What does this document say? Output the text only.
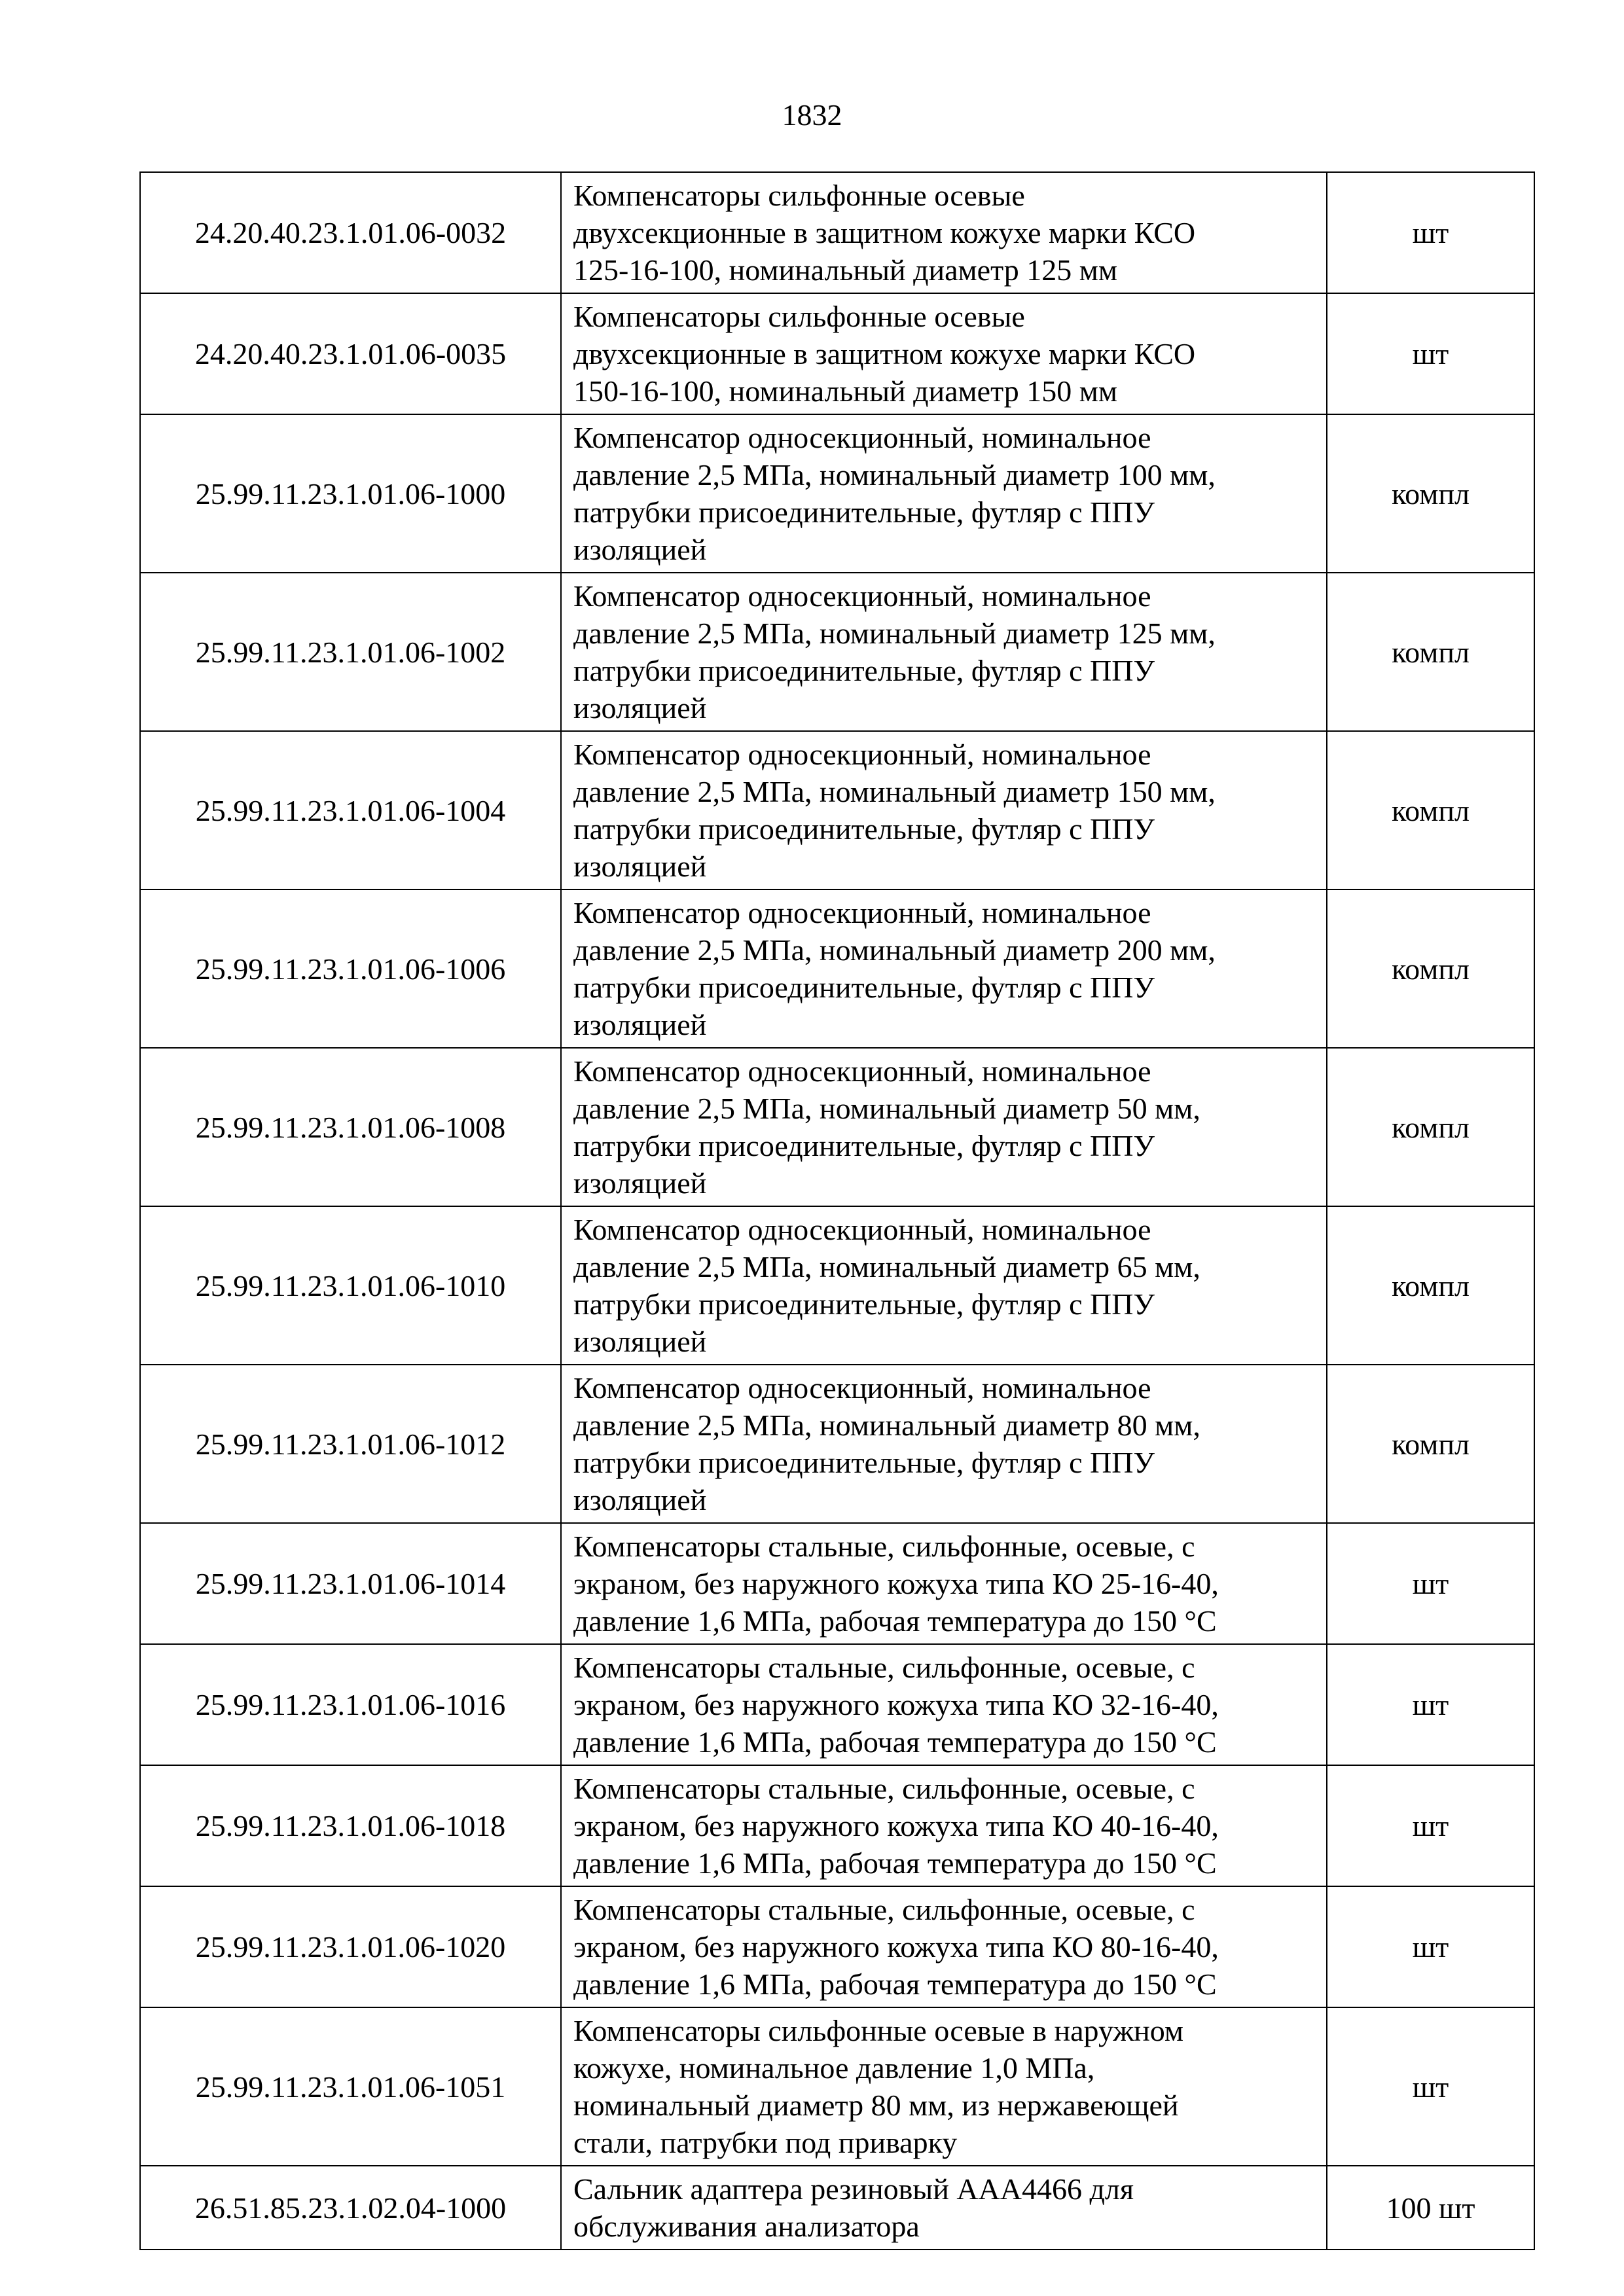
1832
24.20.40.23.1.01.06-0032	Компенсаторы сильфонные осевые
двухсекционные в защитном кожухе марки КСО
125-16-100, номинальный диаметр 125 мм	шт
24.20.40.23.1.01.06-0035	Компенсаторы сильфонные осевые
двухсекционные в защитном кожухе марки КСО
150-16-100, номинальный диаметр 150 мм	шт
25.99.11.23.1.01.06-1000	Компенсатор односекционный, номинальное
давление 2,5 МПа, номинальный диаметр 100 мм,
патрубки присоединительные, футляр с ППУ
изоляцией	компл
25.99.11.23.1.01.06-1002	Компенсатор односекционный, номинальное
давление 2,5 МПа, номинальный диаметр 125 мм,
патрубки присоединительные, футляр с ППУ
изоляцией	компл
25.99.11.23.1.01.06-1004	Компенсатор односекционный, номинальное
давление 2,5 МПа, номинальный диаметр 150 мм,
патрубки присоединительные, футляр с ППУ
изоляцией	компл
25.99.11.23.1.01.06-1006	Компенсатор односекционный, номинальное
давление 2,5 МПа, номинальный диаметр 200 мм,
патрубки присоединительные, футляр с ППУ
изоляцией	компл
25.99.11.23.1.01.06-1008	Компенсатор односекционный, номинальное
давление 2,5 МПа, номинальный диаметр 50 мм,
патрубки присоединительные, футляр с ППУ
изоляцией	компл
25.99.11.23.1.01.06-1010	Компенсатор односекционный, номинальное
давление 2,5 МПа, номинальный диаметр 65 мм,
патрубки присоединительные, футляр с ППУ
изоляцией	компл
25.99.11.23.1.01.06-1012	Компенсатор односекционный, номинальное
давление 2,5 МПа, номинальный диаметр 80 мм,
патрубки присоединительные, футляр с ППУ
изоляцией	компл
25.99.11.23.1.01.06-1014	Компенсаторы стальные, сильфонные, осевые, с
экраном, без наружного кожуха типа КО 25-16-40,
давление 1,6 МПа, рабочая температура до 150 °С	шт
25.99.11.23.1.01.06-1016	Компенсаторы стальные, сильфонные, осевые, с
экраном, без наружного кожуха типа КО 32-16-40,
давление 1,6 МПа, рабочая температура до 150 °С	шт
25.99.11.23.1.01.06-1018	Компенсаторы стальные, сильфонные, осевые, с
экраном, без наружного кожуха типа КО 40-16-40,
давление 1,6 МПа, рабочая температура до 150 °С	шт
25.99.11.23.1.01.06-1020	Компенсаторы стальные, сильфонные, осевые, с
экраном, без наружного кожуха типа КО 80-16-40,
давление 1,6 МПа, рабочая температура до 150 °С	шт
25.99.11.23.1.01.06-1051	Компенсаторы сильфонные осевые в наружном
кожухе, номинальное давление 1,0 МПа,
номинальный диаметр 80 мм, из нержавеющей
стали, патрубки под приварку	шт
26.51.85.23.1.02.04-1000	Сальник адаптера резиновый ААА4466 для
обслуживания анализатора	100 шт
